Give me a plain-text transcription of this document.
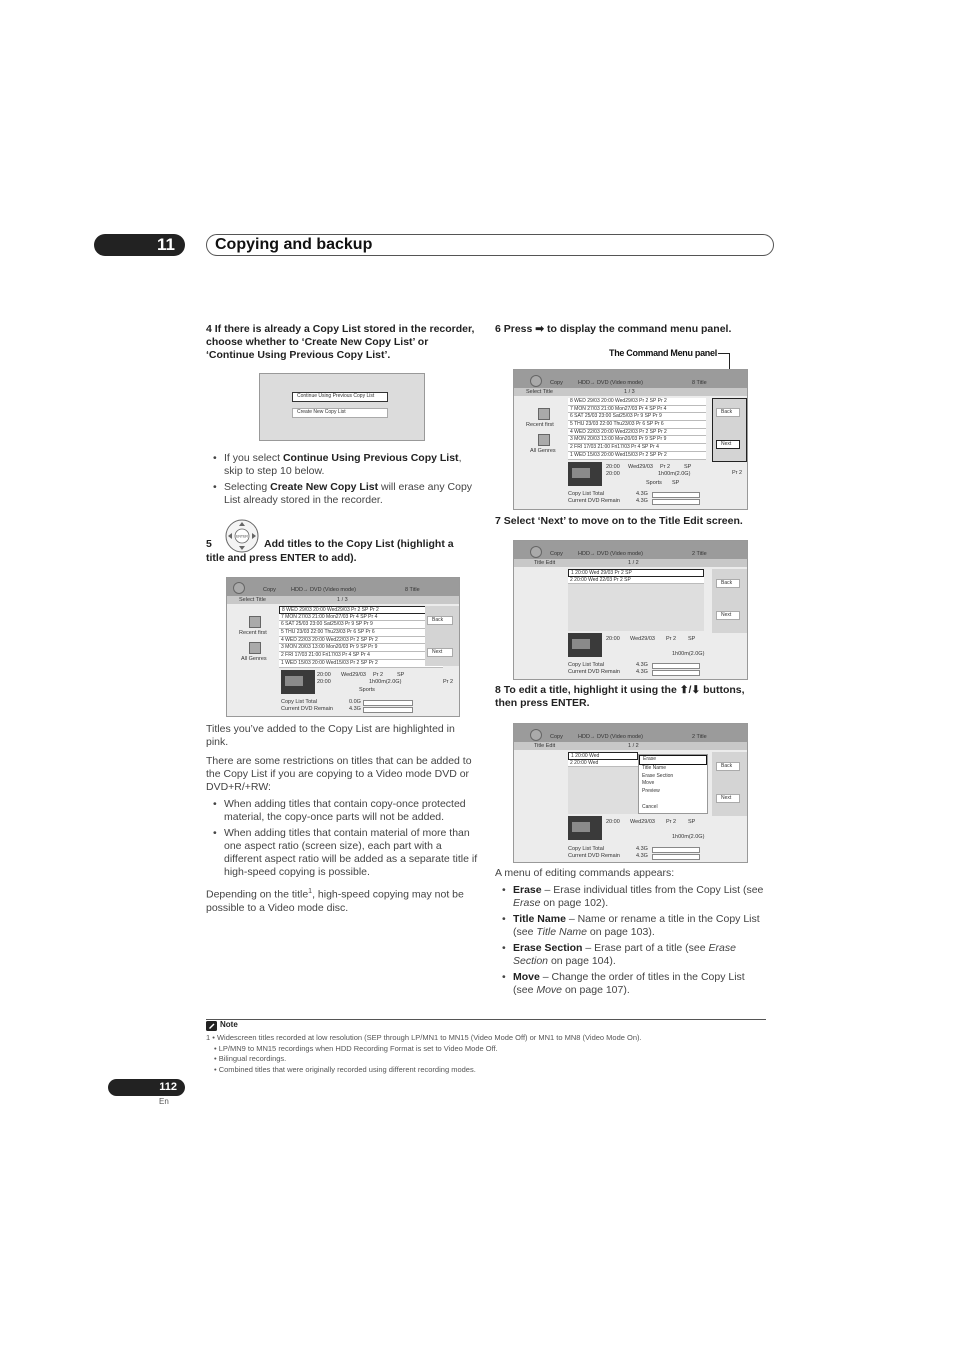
11	Copying and backup
4 If there is already a Copy List stored in the recorder, choose whether to ‘Create New Copy List’ or ‘Continue Using Previous Copy List’.
Continue Using Previous Copy List
Create New Copy List
• If you select Continue Using Previous Copy List, skip to step 10 below.
• Selecting Create New Copy List will erase any Copy List already stored in the recorder.
5
ENTER
Add titles to the Copy List (highlight a
title and press ENTER to add).
Copy	HDD→ DVD (Video mode)	8 Title
Select Title	1 / 3
Recent first
All Genres
8 WED 29/03 20:00 Wed29/03 Pr 2 SP Pr 2
7 MON 27/03 21:00 Mon27/03 Pr 4 SP Pr 4
6 SAT 25/03 23:00 Sat25/03 Pr 9 SP Pr 9
5 THU 23/03 22:00 Thu23/03 Pr 6 SP Pr 6
4 WED 22/03 20:00 Wed22/03 Pr 2 SP Pr 2
3 MON 20/03 13:00 Mon20/03 Pr 9 SP Pr 9
2 FRI 17/03 21:00 Fri17/03 Pr 4 SP Pr 4
1 WED 15/03 20:00 Wed15/03 Pr 2 SP Pr 2
Back
Next
20:00 Wed29/03 Pr 2	SP
20:00	1h00m(2.0G)
Sports
Pr 2
Copy List Total	0.0G
Current DVD Remain	4.3G

Titles you’ve added to the Copy List are highlighted in pink.

There are some restrictions on titles that can be added to the Copy List if you are copying to a Video mode DVD or DVD+R/+RW:

• When adding titles that contain copy-once protected material, the copy-once parts will not be added.
• When adding titles that contain material of more than one aspect ratio (screen size), each part with a different aspect ratio will be added as a separate title if high-speed copying is possible.

Depending on the title$^1$, high-speed copying may not be possible to a Video mode disc.

6 Press ➡ to display the command menu panel.
The Command Menu panel
Copy	HDD→ DVD (Video mode)	8 Title
Select Title	1 / 3
Recent first
All Genres
8 WED 29/03 20:00 Wed29/03 Pr 2 SP Pr 2
7 MON 27/03 21:00 Mon27/03 Pr 4 SP Pr 4
6 SAT 25/03 23:00 Sat25/03 Pr 9 SP Pr 9
5 THU 23/03 22:00 Thu23/03 Pr 6 SP Pr 6
4 WED 22/03 20:00 Wed22/03 Pr 2 SP Pr 2
3 MON 20/03 13:00 Mon20/03 Pr 9 SP Pr 9
2 FRI 17/03 21:00 Fri17/03 Pr 4 SP Pr 4
1 WED 15/03 20:00 Wed15/03 Pr 2 SP Pr 2
Back
Next
20:00 Wed29/03 Pr 2	SP
20:00	1h00m(2.0G)
Sports SP
Pr 2
Copy List Total	4.3G
Current DVD Remain	4.3G
7 Select ‘Next’ to move on to the Title Edit screen.
Copy	HDD→ DVD (Video mode)	2 Title
Title Edit	1 / 2
1 20:00 Wed 29/03 Pr 2 SP
2 20:00 Wed 22/03 Pr 2 SP
Back
Next
20:00 Wed29/03 Pr 2 SP
1h00m(2.0G)
Copy List Total	4.3G
Current DVD Remain	4.3G
8 To edit a title, highlight it using the ⬆/⬇ buttons, then press ENTER.
Copy	HDD→ DVD (Video mode)	2 Title
Title Edit	1 / 2
1 20:00 Wed
2 20:00 Wed
Erase
Title Name
Erase Section
Move
Preview
Cancel
Back
Next
20:00 Wed29/03 Pr 2 SP
1h00m(2.0G)
Copy List Total	4.3G
Current DVD Remain	4.3G

A menu of editing commands appears:

• Erase – Erase individual titles from the Copy List (see Erase on page 102).
• Title Name – Name or rename a title in the Copy List (see Title Name on page 103).
• Erase Section – Erase part of a title (see Erase Section on page 104).
• Move – Change the order of titles in the Copy List (see Move on page 107).
Note
1 • Widescreen titles recorded at low resolution (SEP through LP/MN1 to MN15 (Video Mode Off) or MN1 to MN8 (Video Mode On).
• LP/MN9 to MN15 recordings when HDD Recording Format is set to Video Mode Off.
• Bilingual recordings.
• Combined titles that were originally recorded using different recording modes.
112
En
